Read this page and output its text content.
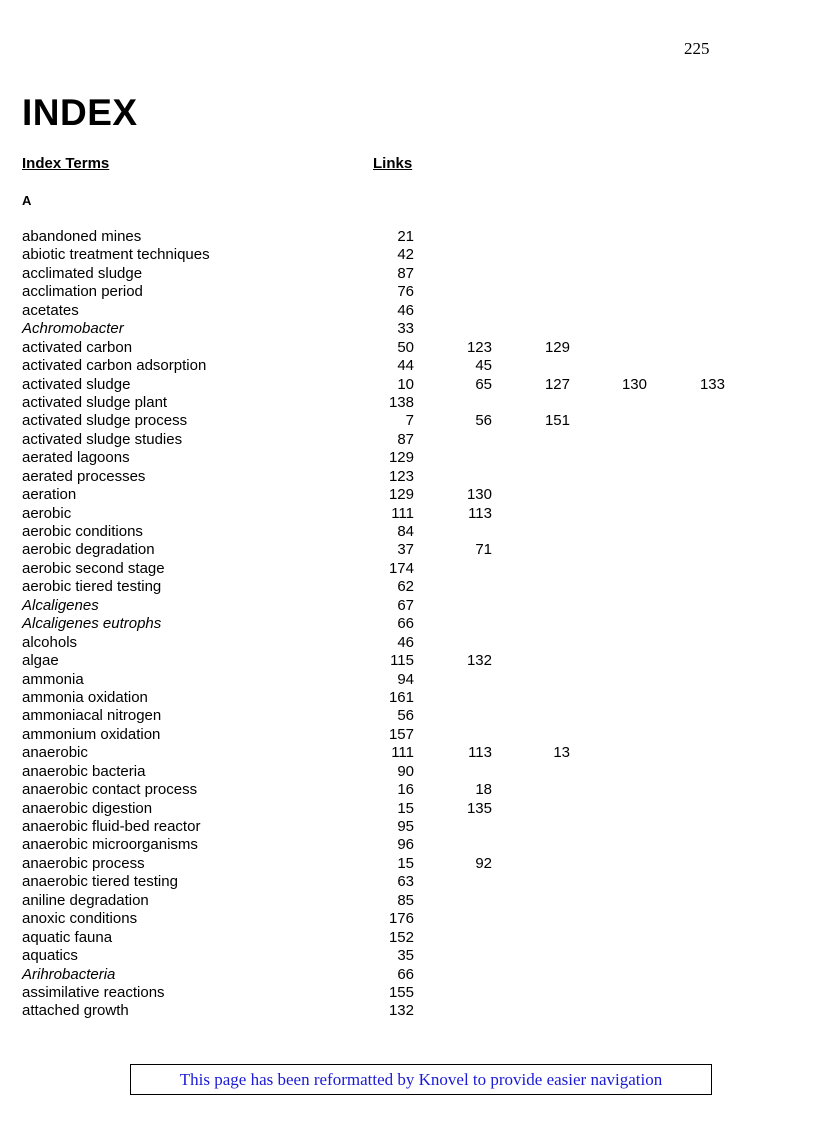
225
INDEX
Index Terms	Links
A
abandoned mines	21
abiotic treatment techniques	42
acclimated sludge	87
acclimation period	76
acetates	46
Achromobacter	33
activated carbon	50	123	129
activated carbon adsorption	44	45
activated sludge	10	65	127	130	133
activated sludge plant	138
activated sludge process	7	56	151
activated sludge studies	87
aerated lagoons	129
aerated processes	123
aeration	129	130
aerobic	111	113
aerobic conditions	84
aerobic degradation	37	71
aerobic second stage	174
aerobic tiered testing	62
Alcaligenes	67
Alcaligenes eutrophs	66
alcohols	46
algae	115	132
ammonia	94
ammonia oxidation	161
ammoniacal nitrogen	56
ammonium oxidation	157
anaerobic	111	113	13
anaerobic bacteria	90
anaerobic contact process	16	18
anaerobic digestion	15	135
anaerobic fluid-bed reactor	95
anaerobic microorganisms	96
anaerobic process	15	92
anaerobic tiered testing	63
aniline degradation	85
anoxic conditions	176
aquatic fauna	152
aquatics	35
Arihrobacteria	66
assimilative reactions	155
attached growth	132
This page has been reformatted by Knovel to provide easier navigation
